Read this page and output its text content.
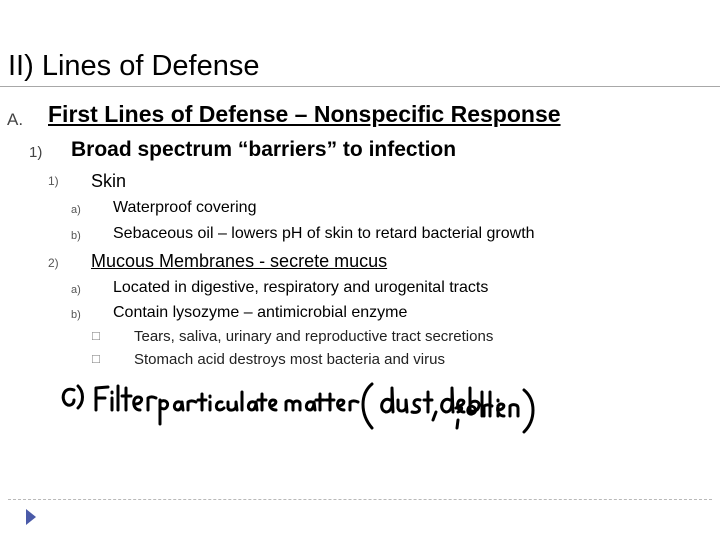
II) Lines of Defense
A. First Lines of Defense – Nonspecific Response
1) Broad spectrum “barriers” to infection
1) Skin
a) Waterproof covering
b) Sebaceous oil – lowers pH of skin to retard bacterial growth
2) Mucous Membranes - secrete mucus
a) Located in digestive, respiratory and urogenital tracts
b) Contain lysozyme – antimicrobial enzyme
□ Tears, saliva, urinary and reproductive tract secretions
□ Stomach acid destroys most bacteria and virus
